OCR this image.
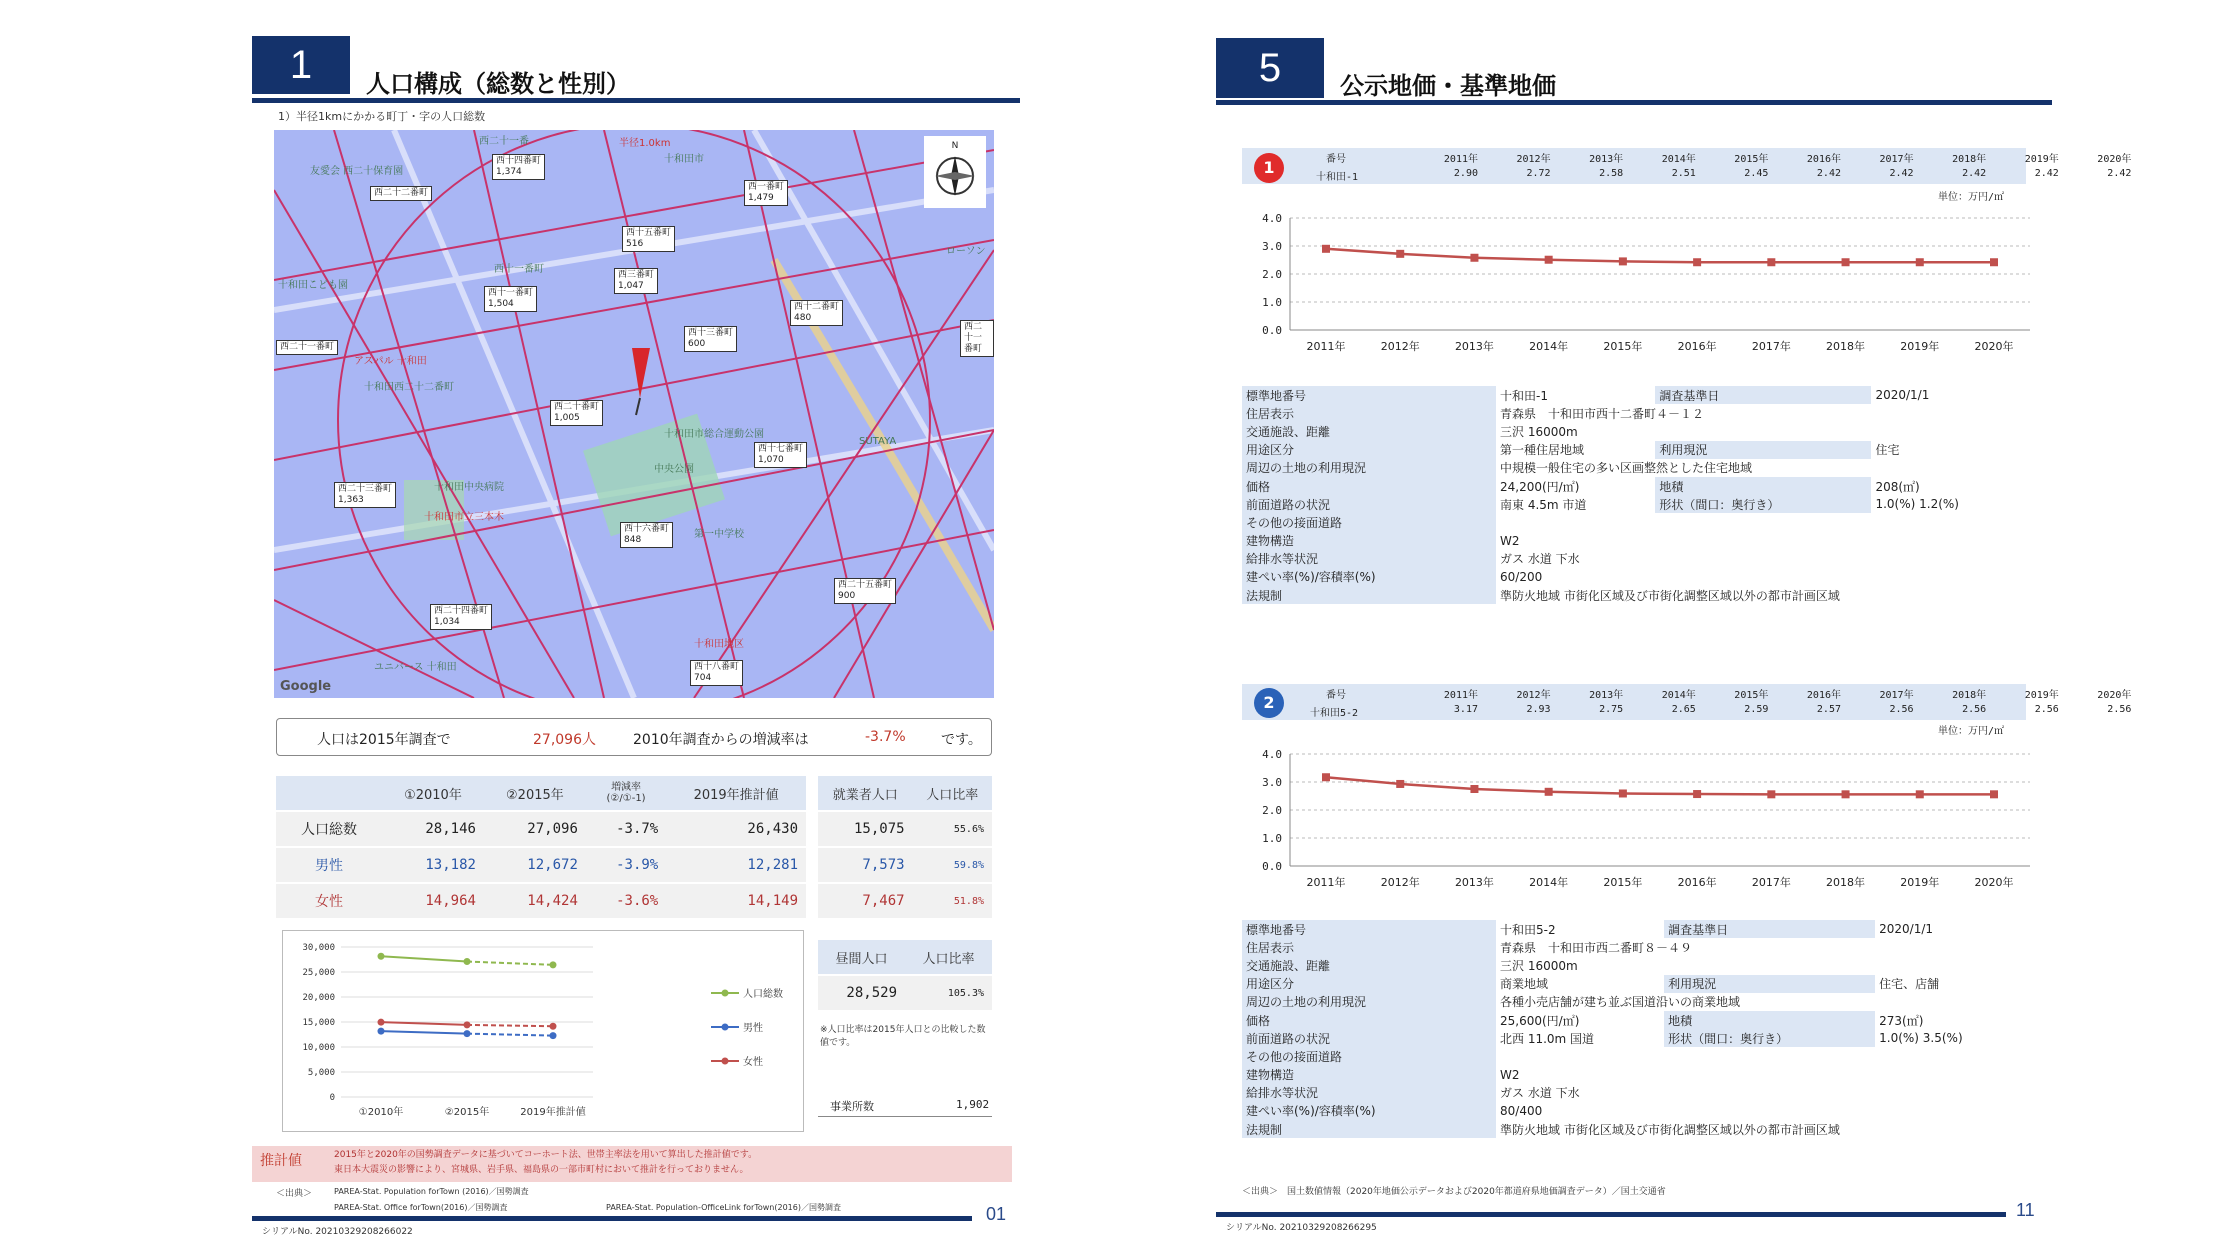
1	人口構成（総数と性別）
1）半径1kmにかかる町丁・字の人口総数
N
半径1.0km
友愛会 西二十保育園
十和田市
西二十一番
十和田こども園
西十一番町
アスパル 十和田
十和田西二十二番町
十和田市総合運動公園
中央公園
十和田市立三本木
十和田中央病院
ユニバース 十和田
十和田地区
SUTAYA
ローソン
第一中学校
西十一番町
1,504
西二十一番町
西十五番町
516
西三番町
1,047
西十四番町
1,374
西二十二番町
西一番町
1,479
西十二番町
480
西十三番町
600
西二十三番町
1,363
西二十番町
1,005
西二十四番町
1,034
西十七番町
1,070
西十六番町
848
西二十五番町
900
西十八番町
704
西二十一番町
Google
人口は2015年調査で	27,096人	2010年調査からの増減率は	-3.7%	です。
	①2010年	②2015年	増減率
(②/①-1)	2019年推計値
人口総数	28,146	27,096	-3.7%	26,430
男性	13,182	12,672	-3.9%	12,281
女性	14,964	14,424	-3.6%	14,149
就業者人口	人口比率
15,075	55.6%
7,573	59.8%
7,467	51.8%
昼間人口	人口比率
28,529	105.3%
※人口比率は2015年人口との比較した数値です。
事業所数	1,902
30,000
25,000
20,000
15,000
10,000
5,000
0
①2010年	②2015年	2019年推計値
人口総数
男性
女性
推計値	2015年と2020年の国勢調査データに基づいてコーホート法、世帯主率法を用いて算出した推計値です。
東日本大震災の影響により、宮城県、岩手県、福島県の一部市町村において推計を行っておりません。
＜出典＞	PAREA-Stat. Population forTown (2016)／国勢調査
PAREA-Stat. Office forTown(2016)／国勢調査	PAREA-Stat. Population-OfficeLink forTown(2016)／国勢調査
シリアルNo. 20210329208266022
01
5	公示地価・基準地価
1	番号
十和田-1
2011年	2012年	2013年	2014年	2015年	2016年	2017年	2018年	2019年	2020年
2.90	2.72	2.58	2.51	2.45	2.42	2.42	2.42	2.42	2.42
単位：万円/㎡
4.0
3.0
2.0
1.0
0.0
2011年	2012年	2013年	2014年	2015年	2016年	2017年	2018年	2019年	2020年
標準地番号	十和田-1	調査基準日	2020/1/1
住居表示	青森県　十和田市西十二番町４－１２		
交通施設、距離	三沢 16000m		
用途区分	第一種住居地域	利用現況	住宅
周辺の土地の利用現況	中規模一般住宅の多い区画整然とした住宅地域		
価格	24,200(円/㎡)	地積	208(㎡)
前面道路の状況	南東 4.5m 市道	形状（間口：奥行き）	1.0(%) 1.2(%)
その他の接面道路			
建物構造	W2		
給排水等状況	ガス 水道 下水		
建ぺい率(%)/容積率(%)	60/200		
法規制	準防火地域 市街化区域及び市街化調整区域以外の都市計画区域		
2	番号
十和田5-2
2011年	2012年	2013年	2014年	2015年	2016年	2017年	2018年	2019年	2020年
3.17	2.93	2.75	2.65	2.59	2.57	2.56	2.56	2.56	2.56
単位：万円/㎡
4.0
3.0
2.0
1.0
0.0
2011年	2012年	2013年	2014年	2015年	2016年	2017年	2018年	2019年	2020年
標準地番号	十和田5-2	調査基準日	2020/1/1
住居表示	青森県　十和田市西二番町８－４９		
交通施設、距離	三沢 16000m		
用途区分	商業地域	利用現況	住宅、店舗
周辺の土地の利用現況	各種小売店舗が建ち並ぶ国道沿いの商業地域		
価格	25,600(円/㎡)	地積	273(㎡)
前面道路の状況	北西 11.0m 国道	形状（間口：奥行き）	1.0(%) 3.5(%)
その他の接面道路			
建物構造	W2		
給排水等状況	ガス 水道 下水		
建ぺい率(%)/容積率(%)	80/400		
法規制	準防火地域 市街化区域及び市街化調整区域以外の都市計画区域		
＜出典＞　国土数値情報（2020年地価公示データおよび2020年都道府県地価調査データ）／国土交通省
シリアルNo. 20210329208266295
11
